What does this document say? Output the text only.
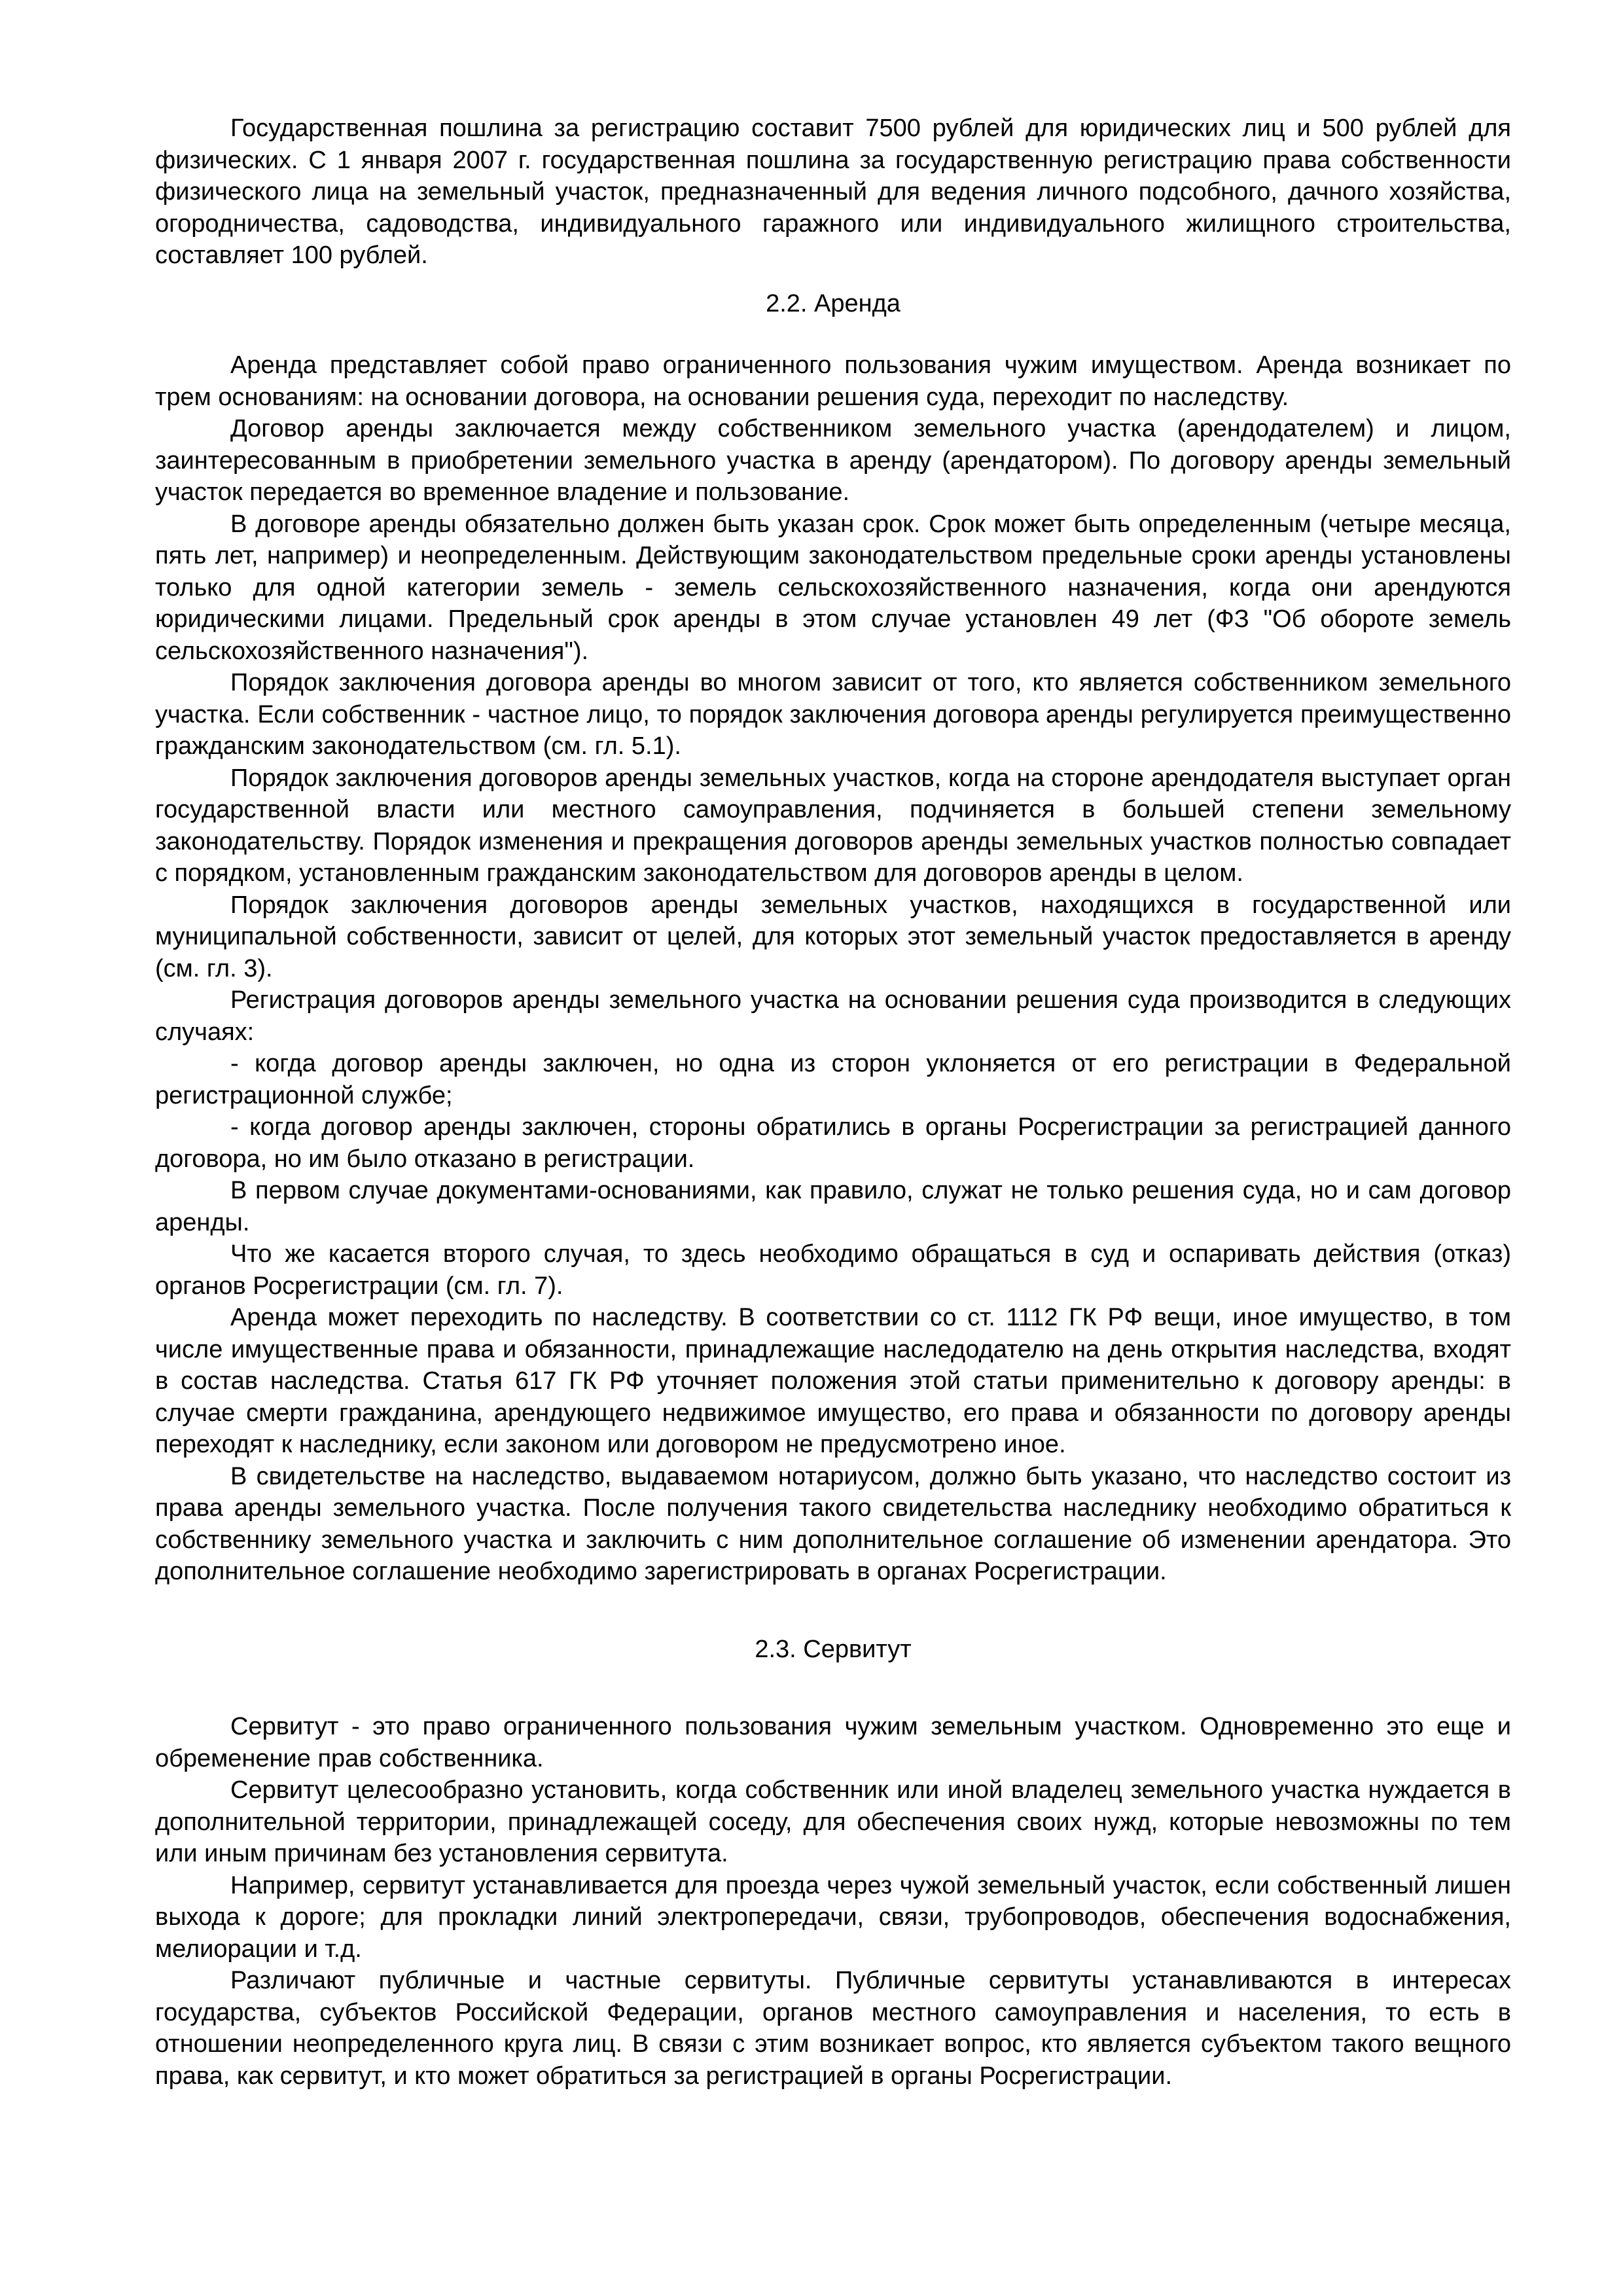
Государственная пошлина за регистрацию составит 7500 рублей для юридических лиц и 500 рублей для физических. С 1 января 2007 г. государственная пошлина за государственную регистрацию права собственности физического лица на земельный участок, предназначенный для ведения личного подсобного, дачного хозяйства, огородничества, садоводства, индивидуального гаражного или индивидуального жилищного строительства, составляет 100 рублей.

2.2. Аренда

Аренда представляет собой право ограниченного пользования чужим имуществом. Аренда возникает по трем основаниям: на основании договора, на основании решения суда, переходит по наследству.

Договор аренды заключается между собственником земельного участка (арендодателем) и лицом, заинтересованным в приобретении земельного участка в аренду (арендатором). По договору аренды земельный участок передается во временное владение и пользование.

В договоре аренды обязательно должен быть указан срок. Срок может быть определенным (четыре месяца, пять лет, например) и неопределенным. Действующим законодательством предельные сроки аренды установлены только для одной категории земель - земель сельскохозяйственного назначения, когда они арендуются юридическими лицами. Предельный срок аренды в этом случае установлен 49 лет (ФЗ "Об обороте земель сельскохозяйственного назначения").

Порядок заключения договора аренды во многом зависит от того, кто является собственником земельного участка. Если собственник - частное лицо, то порядок заключения договора аренды регулируется преимущественно гражданским законодательством (см. гл. 5.1).

Порядок заключения договоров аренды земельных участков, когда на стороне арендодателя выступает орган государственной власти или местного самоуправления, подчиняется в большей степени земельному законодательству. Порядок изменения и прекращения договоров аренды земельных участков полностью совпадает с порядком, установленным гражданским законодательством для договоров аренды в целом.

Порядок заключения договоров аренды земельных участков, находящихся в государственной или муниципальной собственности, зависит от целей, для которых этот земельный участок предоставляется в аренду (см. гл. 3).

Регистрация договоров аренды земельного участка на основании решения суда производится в следующих случаях:

- когда договор аренды заключен, но одна из сторон уклоняется от его регистрации в Федеральной регистрационной службе;

- когда договор аренды заключен, стороны обратились в органы Росрегистрации за регистрацией данного договора, но им было отказано в регистрации.

В первом случае документами-основаниями, как правило, служат не только решения суда, но и сам договор аренды.

Что же касается второго случая, то здесь необходимо обращаться в суд и оспаривать действия (отказ) органов Росрегистрации (см. гл. 7).

Аренда может переходить по наследству. В соответствии со ст. 1112 ГК РФ вещи, иное имущество, в том числе имущественные права и обязанности, принадлежащие наследодателю на день открытия наследства, входят в состав наследства. Статья 617 ГК РФ уточняет положения этой статьи применительно к договору аренды: в случае смерти гражданина, арендующего недвижимое имущество, его права и обязанности по договору аренды переходят к наследнику, если законом или договором не предусмотрено иное.

В свидетельстве на наследство, выдаваемом нотариусом, должно быть указано, что наследство состоит из права аренды земельного участка. После получения такого свидетельства наследнику необходимо обратиться к собственнику земельного участка и заключить с ним дополнительное соглашение об изменении арендатора. Это дополнительное соглашение необходимо зарегистрировать в органах Росрегистрации.

2.3. Сервитут

Сервитут - это право ограниченного пользования чужим земельным участком. Одновременно это еще и обременение прав собственника.

Сервитут целесообразно установить, когда собственник или иной владелец земельного участка нуждается в дополнительной территории, принадлежащей соседу, для обеспечения своих нужд, которые невозможны по тем или иным причинам без установления сервитута.

Например, сервитут устанавливается для проезда через чужой земельный участок, если собственный лишен выхода к дороге; для прокладки линий электропередачи, связи, трубопроводов, обеспечения водоснабжения, мелиорации и т.д.

Различают публичные и частные сервитуты. Публичные сервитуты устанавливаются в интересах государства, субъектов Российской Федерации, органов местного самоуправления и населения, то есть в отношении неопределенного круга лиц. В связи с этим возникает вопрос, кто является субъектом такого вещного права, как сервитут, и кто может обратиться за регистрацией в органы Росрегистрации.
